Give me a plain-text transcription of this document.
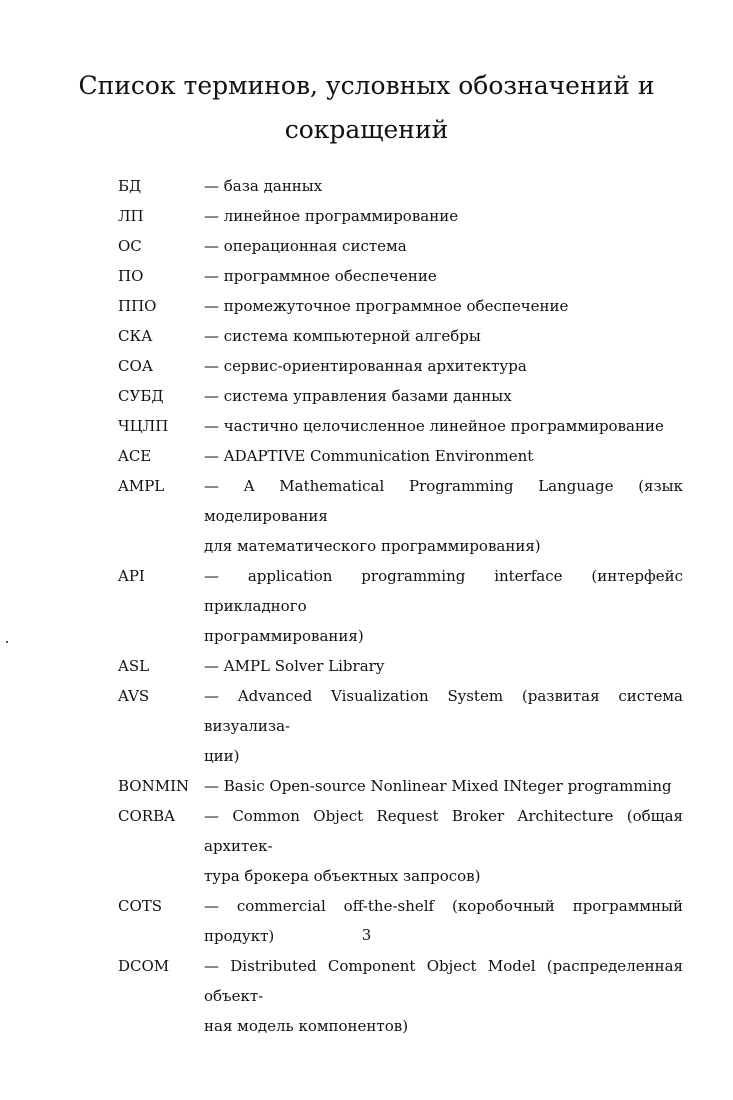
Список терминов, условных обозначений и
сокращений
БД	— база данных
ЛП	— линейное программирование
ОС	— операционная система
ПО	— программное обеспечение
ППО	— промежуточное программное обеспечение
СКА	— система компьютерной алгебры
СОА	— сервис-ориентированная архитектура
СУБД	— система управления базами данных
ЧЦЛП	— частично целочисленное линейное программирование
ACE	— ADAPTIVE Communication Environment
AMPL	— A Mathematical Programming Language (язык моделирования
для математического программирования)
API	— application programming interface (интерфейс прикладного
программирования)
ASL	— AMPL Solver Library
AVS	— Advanced Visualization System (развитая система визуализа-
ции)
BONMIN — Basic Open-source Nonlinear Mixed INteger programming
CORBA	— Common Object Request Broker Architecture (общая архитек-
тура брокера объектных запросов)
COTS	— commercial off-the-shelf (коробочный программный продукт)
DCOM	— Distributed Component Object Model (распределенная объект-
ная модель компонентов)
3
